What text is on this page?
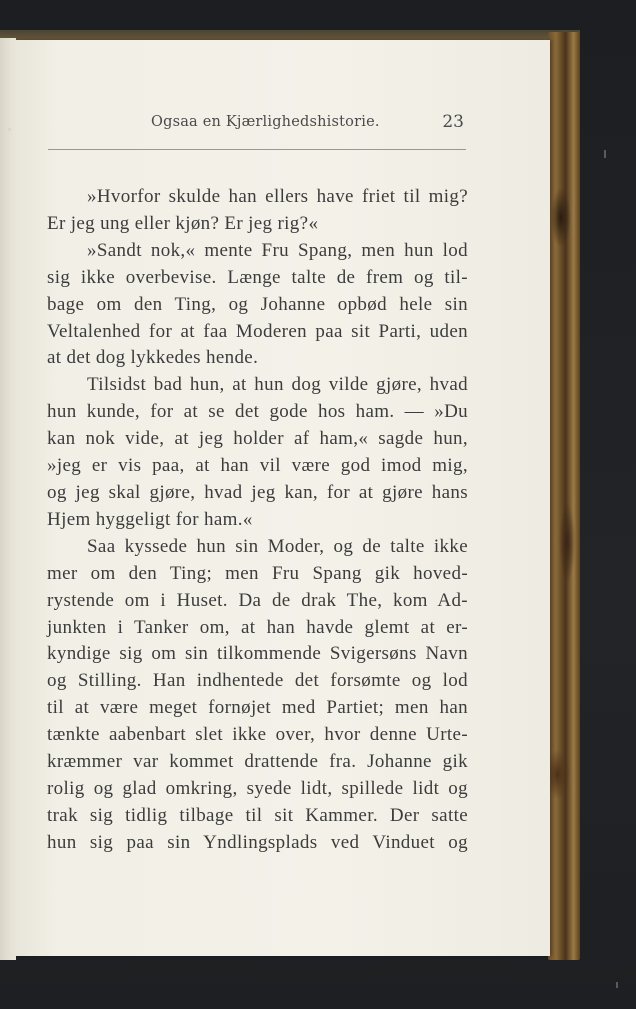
Ogsaa en Kjærlighedshistorie.	23
»Hvorfor skulde han ellers have friet til mig?
Er jeg ung eller kjøn? Er jeg rig?«
»Sandt nok,« mente Fru Spang, men hun lod
sig ikke overbevise. Længe talte de frem og til-
bage om den Ting, og Johanne opbød hele sin
Veltalenhed for at faa Moderen paa sit Parti, uden
at det dog lykkedes hende.
Tilsidst bad hun, at hun dog vilde gjøre, hvad
hun kunde, for at se det gode hos ham. — »Du
kan nok vide, at jeg holder af ham,« sagde hun,
»jeg er vis paa, at han vil være god imod mig,
og jeg skal gjøre, hvad jeg kan, for at gjøre hans
Hjem hyggeligt for ham.«
Saa kyssede hun sin Moder, og de talte ikke
mer om den Ting; men Fru Spang gik hoved-
rystende om i Huset. Da de drak The, kom Ad-
junkten i Tanker om, at han havde glemt at er-
kyndige sig om sin tilkommende Svigersøns Navn
og Stilling. Han indhentede det forsømte og lod
til at være meget fornøjet med Partiet; men han
tænkte aabenbart slet ikke over, hvor denne Urte-
kræmmer var kommet drattende fra. Johanne gik
rolig og glad omkring, syede lidt, spillede lidt og
trak sig tidlig tilbage til sit Kammer. Der satte
hun sig paa sin Yndlingsplads ved Vinduet og
